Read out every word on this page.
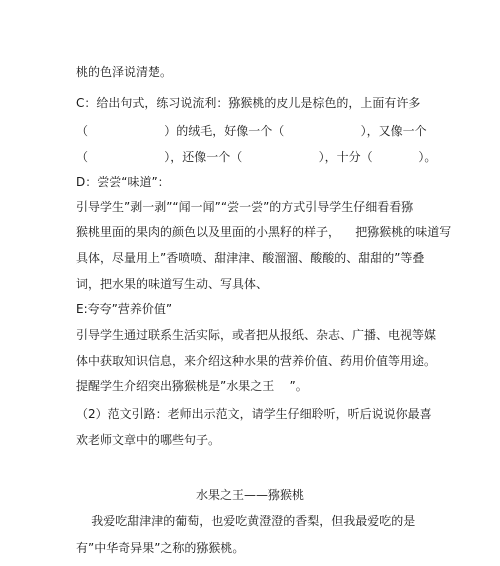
桃的色泽说清楚。
C：给出句式，练习说流利：猕猴桃的皮儿是棕色的，上面有许多
（                    ）的绒毛，好像一个（                    ），又像一个
（                    ），还像一个（                    ），十分（            ）。
D：尝尝“味道”：
引导学生”剥一剥”“闻一闻”“尝一尝”的方式引导学生仔细看看猕
猴桃里面的果肉的颜色以及里面的小黑籽的样子，    把猕猴桃的味道写
具体，尽量用上”香喷喷、甜津津、酸溜溜、酸酸的、甜甜的”等叠
词，把水果的味道写生动、写具体、
E:夸夸”营养价值”
引导学生通过联系生活实际，或者把从报纸、杂志、广播、电视等媒
体中获取知识信息，来介绍这种水果的营养价值、药用价值等用途。
提醒学生介绍突出猕猴桃是”水果之王    ”。
（2）范文引路：老师出示范文，请学生仔细聆听，听后说说你最喜
欢老师文章中的哪些句子。
水果之王——猕猴桃
我爱吃甜津津的葡萄，也爱吃黄澄澄的香梨，但我最爱吃的是
有”中华奇异果”之称的猕猴桃。
